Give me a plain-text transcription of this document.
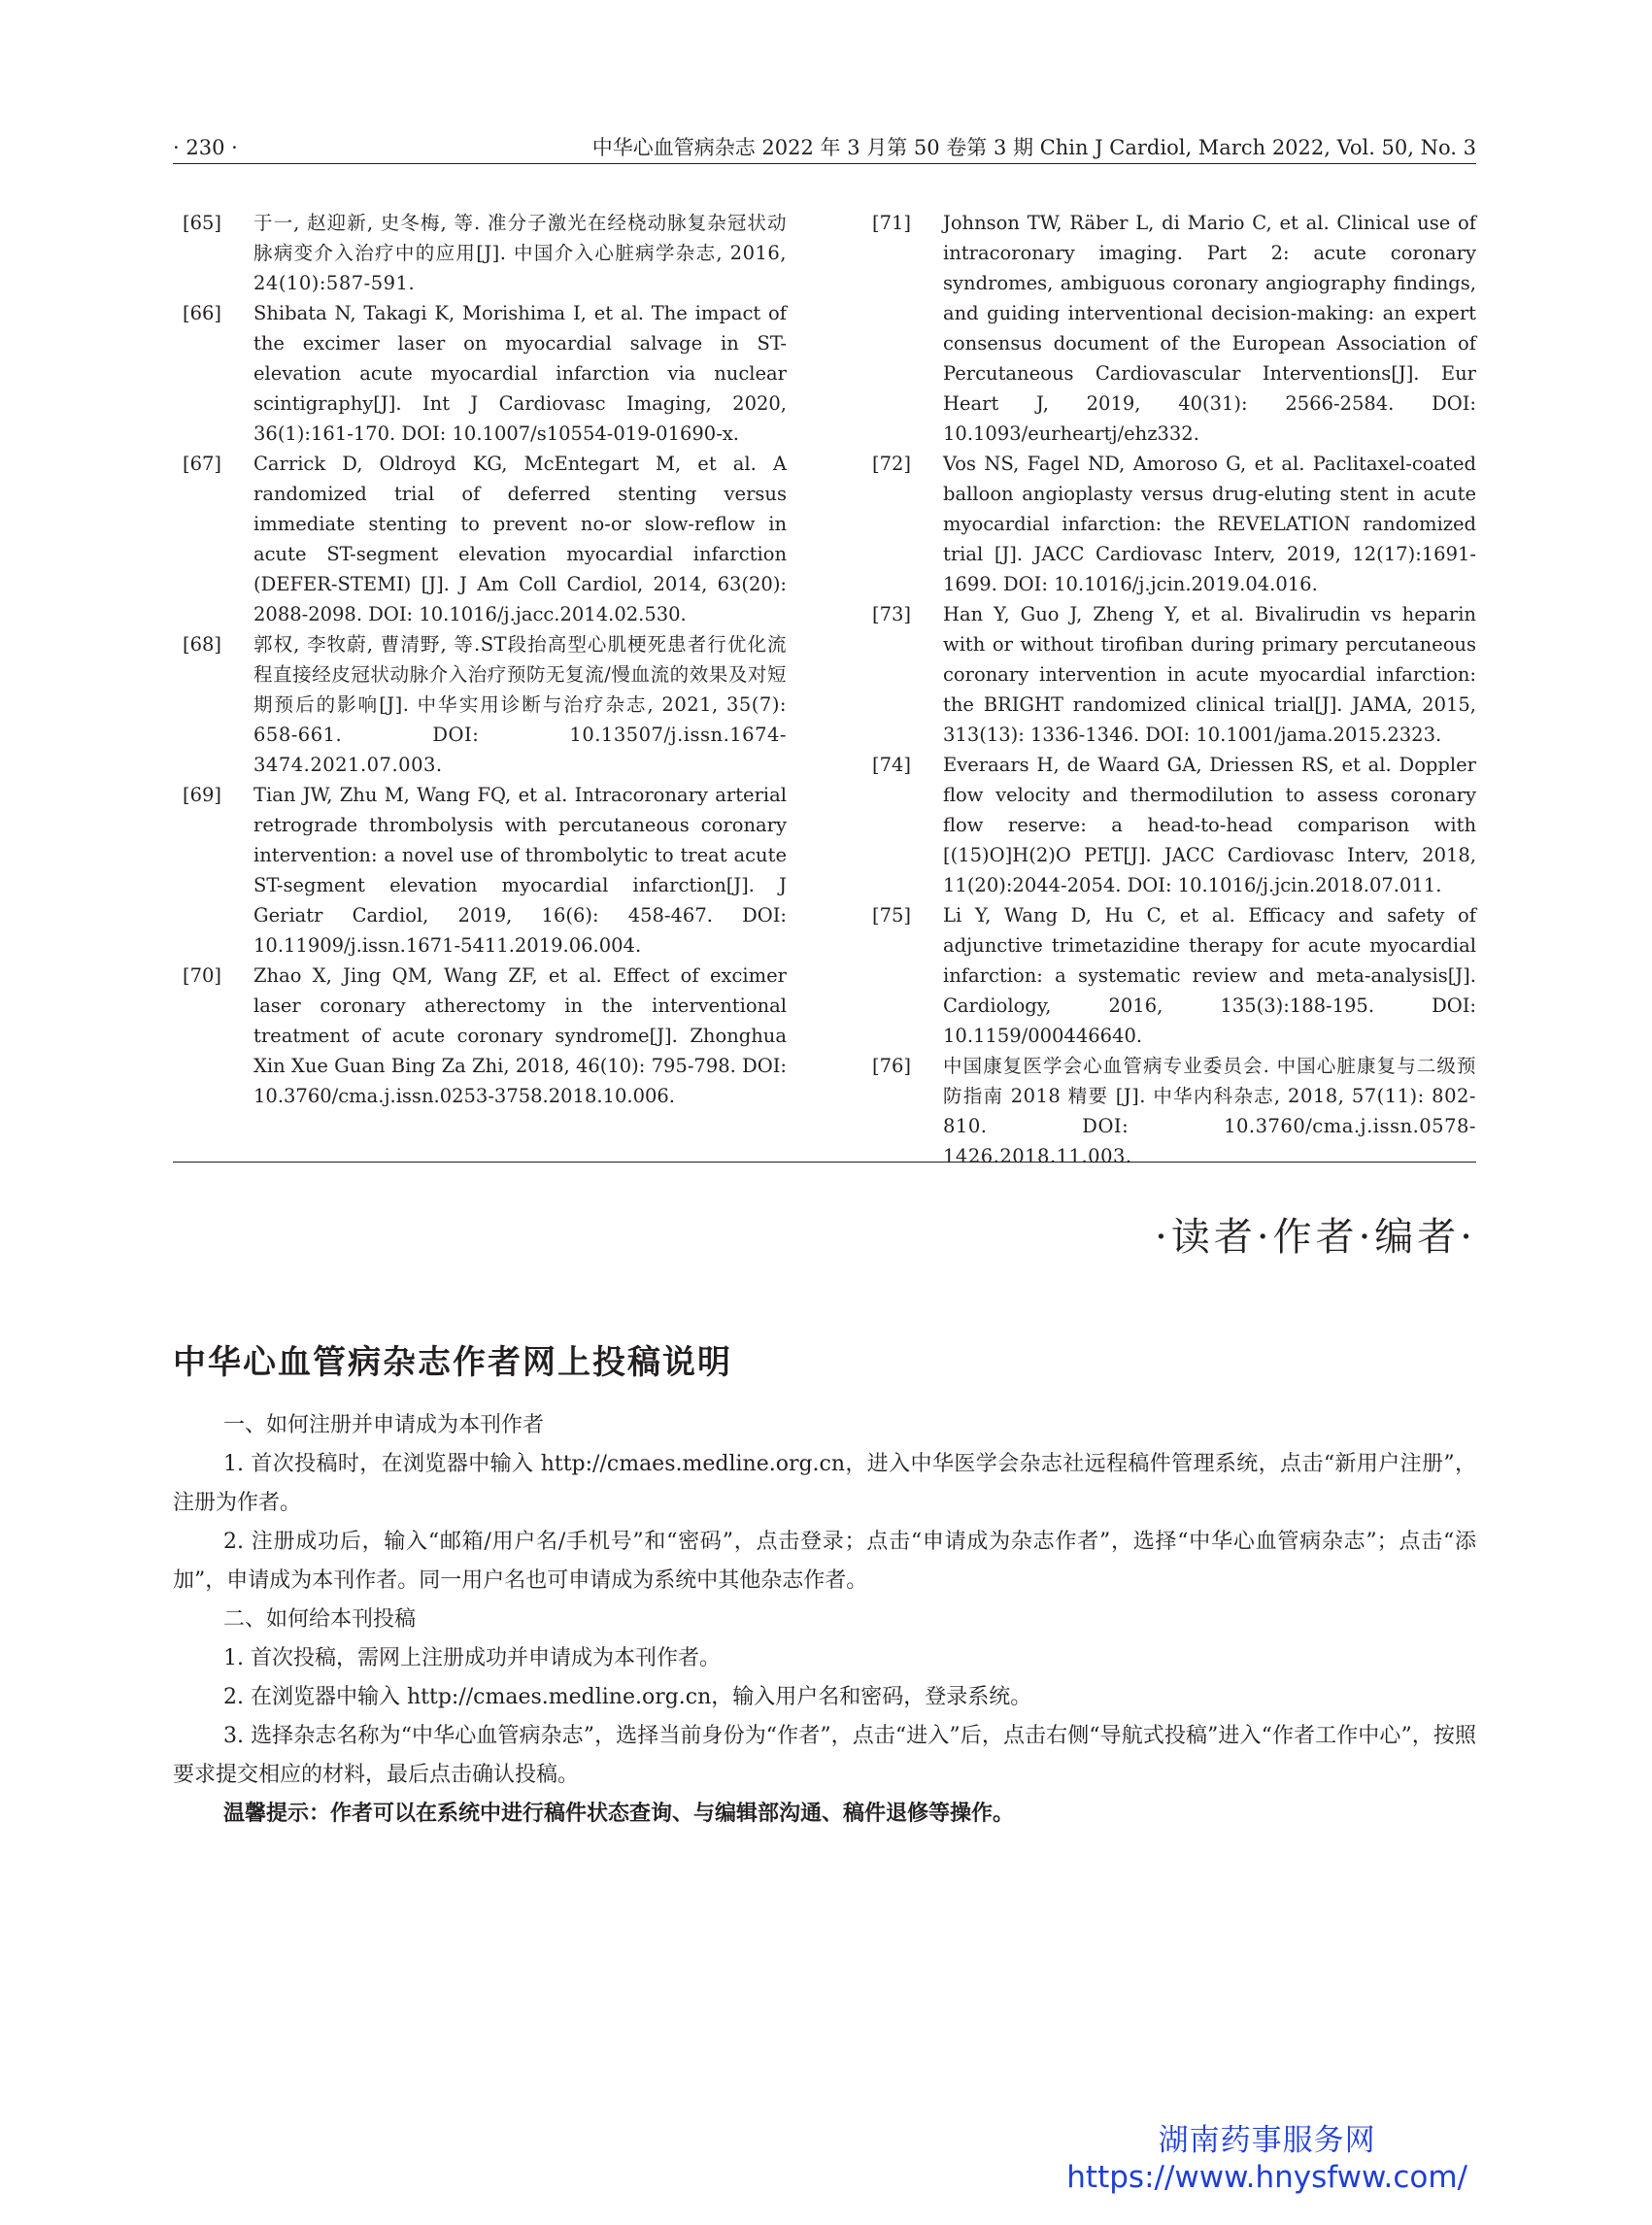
· 230 ·	中华心血管病杂志 2022 年 3 月第 50 卷第 3 期 Chin J Cardiol, March 2022, Vol. 50, No. 3
[65] 于一, 赵迎新, 史冬梅, 等. 准分子激光在经桡动脉复杂冠状动脉病变介入治疗中的应用[J]. 中国介入心脏病学杂志, 2016, 24(10):587-591.
[66] Shibata N, Takagi K, Morishima I, et al. The impact of the excimer laser on myocardial salvage in ST-elevation acute myocardial infarction via nuclear scintigraphy[J]. Int J Cardiovasc Imaging, 2020, 36(1):161-170. DOI: 10.1007/s10554-019-01690-x.
[67] Carrick D, Oldroyd KG, McEntegart M, et al. A randomized trial of deferred stenting versus immediate stenting to prevent no-or slow-reflow in acute ST-segment elevation myocardial infarction (DEFER-STEMI) [J]. J Am Coll Cardiol, 2014, 63(20): 2088-2098. DOI: 10.1016/j.jacc.2014.02.530.
[68] 郭权, 李牧蔚, 曹清野, 等.ST段抬高型心肌梗死患者行优化流程直接经皮冠状动脉介入治疗预防无复流/慢血流的效果及对短期预后的影响[J]. 中华实用诊断与治疗杂志, 2021, 35(7): 658-661. DOI: 10.13507/j.issn.1674-3474.2021.07.003.
[69] Tian JW, Zhu M, Wang FQ, et al. Intracoronary arterial retrograde thrombolysis with percutaneous coronary intervention: a novel use of thrombolytic to treat acute ST-segment elevation myocardial infarction[J]. J Geriatr Cardiol, 2019, 16(6): 458-467. DOI: 10.11909/j.issn.1671-5411.2019.06.004.
[70] Zhao X, Jing QM, Wang ZF, et al. Effect of excimer laser coronary atherectomy in the interventional treatment of acute coronary syndrome[J]. Zhonghua Xin Xue Guan Bing Za Zhi, 2018, 46(10): 795-798. DOI: 10.3760/cma.j.issn.0253-3758.2018.10.006.
[71] Johnson TW, Räber L, di Mario C, et al. Clinical use of intracoronary imaging. Part 2: acute coronary syndromes, ambiguous coronary angiography findings, and guiding interventional decision-making: an expert consensus document of the European Association of Percutaneous Cardiovascular Interventions[J]. Eur Heart J, 2019, 40(31): 2566-2584. DOI: 10.1093/eurheartj/ehz332.
[72] Vos NS, Fagel ND, Amoroso G, et al. Paclitaxel-coated balloon angioplasty versus drug-eluting stent in acute myocardial infarction: the REVELATION randomized trial [J]. JACC Cardiovasc Interv, 2019, 12(17):1691-1699. DOI: 10.1016/j.jcin.2019.04.016.
[73] Han Y, Guo J, Zheng Y, et al. Bivalirudin vs heparin with or without tirofiban during primary percutaneous coronary intervention in acute myocardial infarction: the BRIGHT randomized clinical trial[J]. JAMA, 2015, 313(13): 1336-1346. DOI: 10.1001/jama.2015.2323.
[74] Everaars H, de Waard GA, Driessen RS, et al. Doppler flow velocity and thermodilution to assess coronary flow reserve: a head-to-head comparison with [(15)O]H(2)O PET[J]. JACC Cardiovasc Interv, 2018, 11(20):2044-2054. DOI: 10.1016/j.jcin.2018.07.011.
[75] Li Y, Wang D, Hu C, et al. Efficacy and safety of adjunctive trimetazidine therapy for acute myocardial infarction: a systematic review and meta-analysis[J]. Cardiology, 2016, 135(3):188-195. DOI: 10.1159/000446640.
[76] 中国康复医学会心血管病专业委员会. 中国心脏康复与二级预防指南 2018 精要 [J]. 中华内科杂志, 2018, 57(11): 802-810. DOI: 10.3760/cma.j.issn.0578-1426.2018.11.003.
·读者·作者·编者·
中华心血管病杂志作者网上投稿说明

一、如何注册并申请成为本刊作者

1. 首次投稿时，在浏览器中输入 http://cmaes.medline.org.cn，进入中华医学会杂志社远程稿件管理系统，点击“新用户注册”，注册为作者。

2. 注册成功后，输入“邮箱/用户名/手机号”和“密码”，点击登录；点击“申请成为杂志作者”，选择“中华心血管病杂志”；点击“添加”，申请成为本刊作者。同一用户名也可申请成为系统中其他杂志作者。

二、如何给本刊投稿

1. 首次投稿，需网上注册成功并申请成为本刊作者。

2. 在浏览器中输入 http://cmaes.medline.org.cn，输入用户名和密码，登录系统。

3. 选择杂志名称为“中华心血管病杂志”，选择当前身份为“作者”，点击“进入”后，点击右侧“导航式投稿”进入“作者工作中心”，按照要求提交相应的材料，最后点击确认投稿。

温馨提示：作者可以在系统中进行稿件状态查询、与编辑部沟通、稿件退修等操作。

湖南药事服务网
https://www.hnysfww.com/
